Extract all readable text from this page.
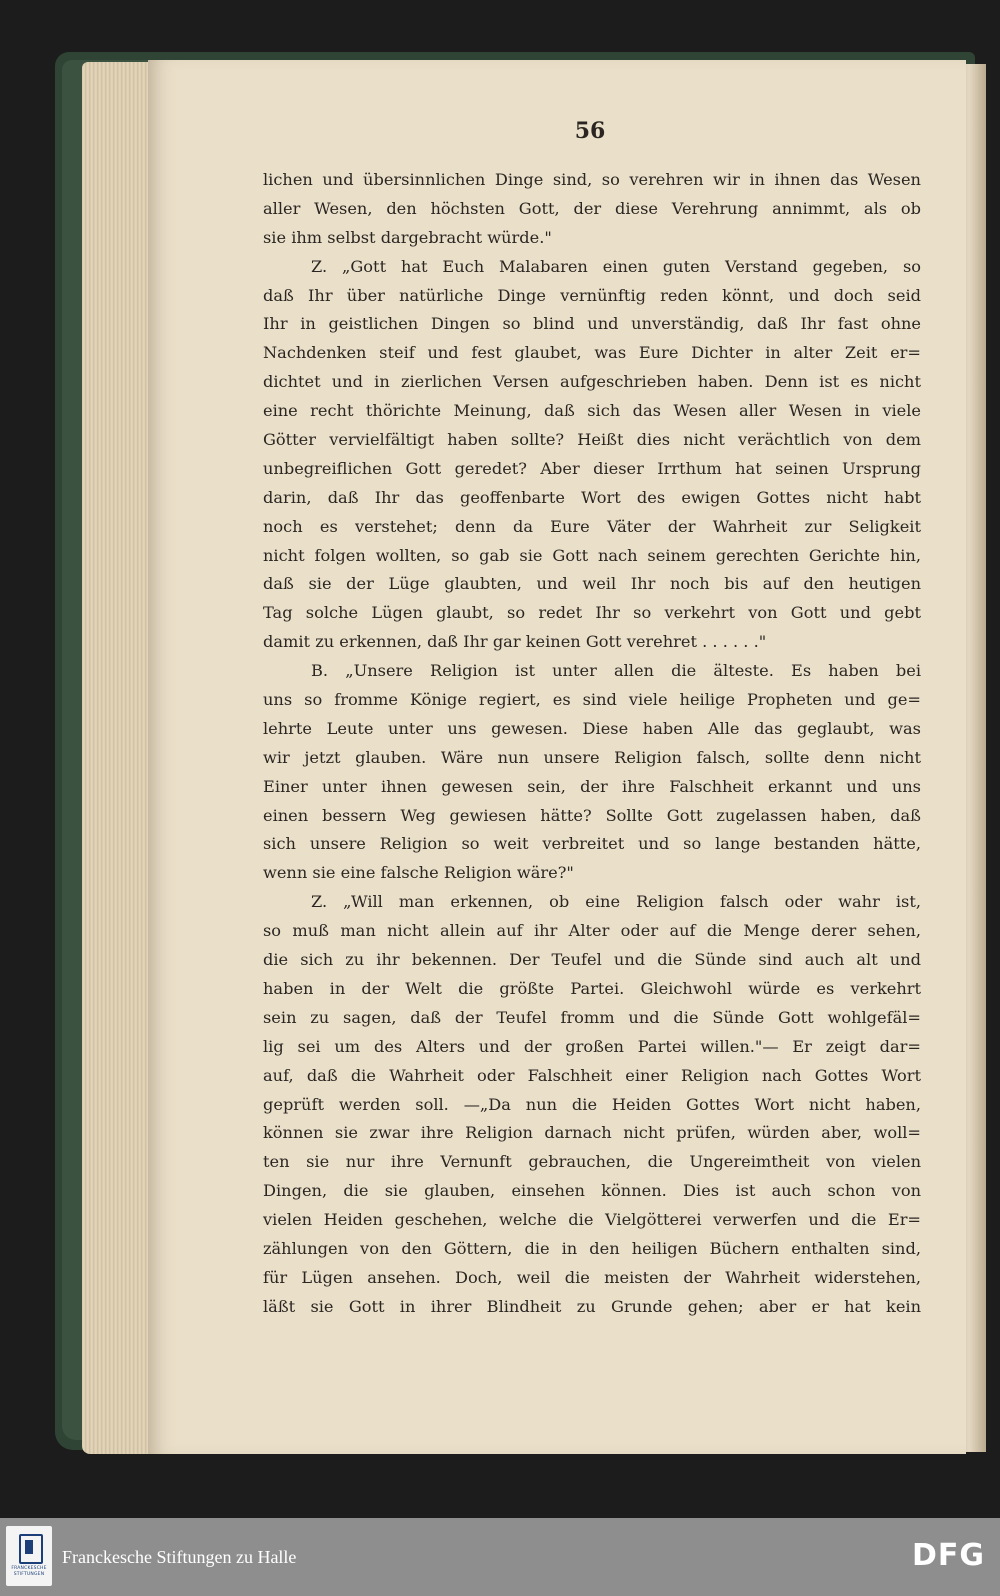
56
lichen und übersinnlichen Dinge sind, so verehren wir in ihnen das Wesen
aller Wesen, den höchsten Gott, der diese Verehrung annimmt, als ob
sie ihm selbst dargebracht würde."
Z. „Gott hat Euch Malabaren einen guten Verstand gegeben, so
daß Ihr über natürliche Dinge vernünftig reden könnt, und doch seid
Ihr in geistlichen Dingen so blind und unverständig, daß Ihr fast ohne
Nachdenken steif und fest glaubet, was Eure Dichter in alter Zeit er=
dichtet und in zierlichen Versen aufgeschrieben haben. Denn ist es nicht
eine recht thörichte Meinung, daß sich das Wesen aller Wesen in viele
Götter vervielfältigt haben sollte? Heißt dies nicht verächtlich von dem
unbegreiflichen Gott geredet? Aber dieser Irrthum hat seinen Ursprung
darin, daß Ihr das geoffenbarte Wort des ewigen Gottes nicht habt
noch es verstehet; denn da Eure Väter der Wahrheit zur Seligkeit
nicht folgen wollten, so gab sie Gott nach seinem gerechten Gerichte hin,
daß sie der Lüge glaubten, und weil Ihr noch bis auf den heutigen
Tag solche Lügen glaubt, so redet Ihr so verkehrt von Gott und gebt
damit zu erkennen, daß Ihr gar keinen Gott verehret . . . . . ."
B. „Unsere Religion ist unter allen die älteste. Es haben bei
uns so fromme Könige regiert, es sind viele heilige Propheten und ge=
lehrte Leute unter uns gewesen. Diese haben Alle das geglaubt, was
wir jetzt glauben. Wäre nun unsere Religion falsch, sollte denn nicht
Einer unter ihnen gewesen sein, der ihre Falschheit erkannt und uns
einen bessern Weg gewiesen hätte? Sollte Gott zugelassen haben, daß
sich unsere Religion so weit verbreitet und so lange bestanden hätte,
wenn sie eine falsche Religion wäre?"
Z. „Will man erkennen, ob eine Religion falsch oder wahr ist,
so muß man nicht allein auf ihr Alter oder auf die Menge derer sehen,
die sich zu ihr bekennen. Der Teufel und die Sünde sind auch alt und
haben in der Welt die größte Partei. Gleichwohl würde es verkehrt
sein zu sagen, daß der Teufel fromm und die Sünde Gott wohlgefäl=
lig sei um des Alters und der großen Partei willen."— Er zeigt dar=
auf, daß die Wahrheit oder Falschheit einer Religion nach Gottes Wort
geprüft werden soll. —„Da nun die Heiden Gottes Wort nicht haben,
können sie zwar ihre Religion darnach nicht prüfen, würden aber, woll=
ten sie nur ihre Vernunft gebrauchen, die Ungereimtheit von vielen
Dingen, die sie glauben, einsehen können. Dies ist auch schon von
vielen Heiden geschehen, welche die Vielgötterei verwerfen und die Er=
zählungen von den Göttern, die in den heiligen Büchern enthalten sind,
für Lügen ansehen. Doch, weil die meisten der Wahrheit widerstehen,
läßt sie Gott in ihrer Blindheit zu Grunde gehen; aber er hat kein
FRANCKESCHE STIFTUNGEN
Franckesche Stiftungen zu Halle	DFG
